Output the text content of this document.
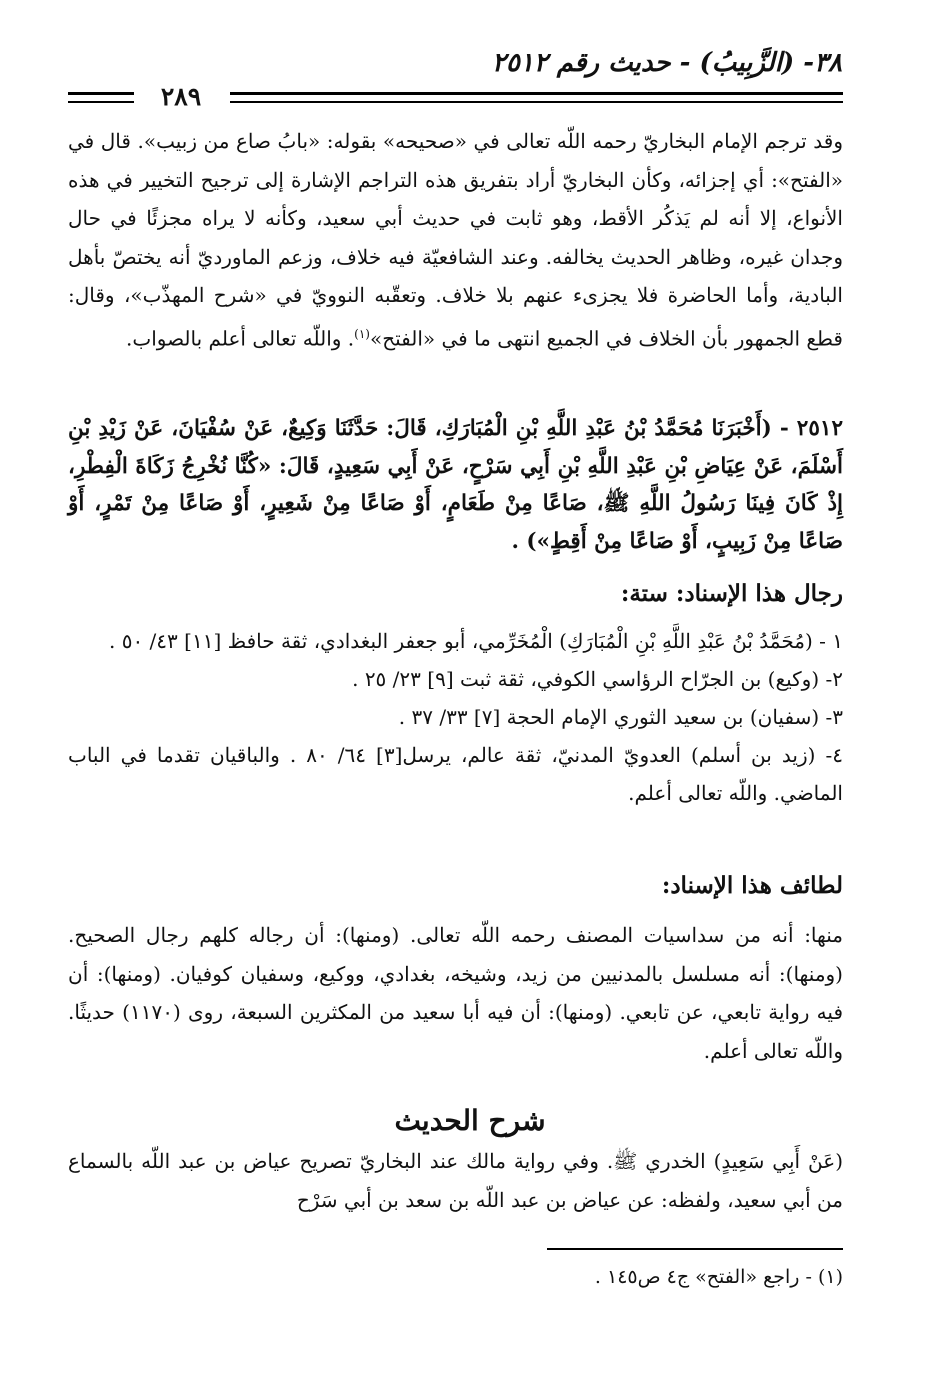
٣٨- (الزَّبِيبُ) - حديث رقم ٢٥١٢
٢٨٩

وقد ترجم الإمام البخاريّ رحمه اللّه تعالى في «صحيحه» بقوله: «بابُ صاع من زبيب». قال في «الفتح»: أي إجزائه، وكأن البخاريّ أراد بتفريق هذه التراجم الإشارة إلى ترجيح التخيير في هذه الأنواع، إلا أنه لم يَذكُر الأقط، وهو ثابت في حديث أبي سعيد، وكأنه لا يراه مجزئًا في حال وجدان غيره، وظاهر الحديث يخالفه. وعند الشافعيّة فيه خلاف، وزعم الماورديّ أنه يختصّ بأهل البادية، وأما الحاضرة فلا يجزىء عنهم بلا خلاف. وتعقّبه النوويّ في «شرح المهذّب»، وقال: قطع الجمهور بأن الخلاف في الجميع انتهى ما في «الفتح»$^{(١)}$. واللّه تعالى أعلم بالصواب.

٢٥١٢ - (أَخْبَرَنَا مُحَمَّدُ بْنُ عَبْدِ اللَّهِ بْنِ الْمُبَارَكِ، قَالَ: حَدَّثَنَا وَكِيعٌ، عَنْ سُفْيَانَ، عَنْ زَيْدِ بْنِ أَسْلَمَ، عَنْ عِيَاضِ بْنِ عَبْدِ اللَّهِ بْنِ أَبِي سَرْحٍ، عَنْ أَبِي سَعِيدٍ، قَالَ: «كُنَّا نُخْرِجُ زَكَاةَ الْفِطْرِ، إِذْ كَانَ فِينَا رَسُولُ اللَّهِ ﷺ، صَاعًا مِنْ طَعَامٍ، أَوْ صَاعًا مِنْ شَعِيرٍ، أَوْ صَاعًا مِنْ تَمْرٍ، أَوْ صَاعًا مِنْ زَبِيبٍ، أَوْ صَاعًا مِنْ أَقِطٍ») .

رجال هذا الإسناد: ستة:
١ - (مُحَمَّدُ بْنُ عَبْدِ اللَّهِ بْنِ الْمُبَارَكِ) الْمُخَرِّمي، أبو جعفر البغدادي، ثقة حافظ [١١] ٤٣/ ٥٠ .
٢- (وكيع) بن الجرّاح الرؤاسي الكوفي، ثقة ثبت [٩] ٢٣/ ٢٥ .
٣- (سفيان) بن سعيد الثوري الإمام الحجة [٧] ٣٣/ ٣٧ .
٤- (زيد بن أسلم) العدويّ المدنيّ، ثقة عالم، يرسل[٣] ٦٤/ ٨٠ . والباقيان تقدما في الباب الماضي. واللّه تعالى أعلم.
لطائف هذا الإسناد:

منها: أنه من سداسيات المصنف رحمه اللّه تعالى. (ومنها): أن رجاله كلهم رجال الصحيح. (ومنها): أنه مسلسل بالمدنيين من زيد، وشيخه، بغدادي، ووكيع، وسفيان كوفيان. (ومنها): أن فيه رواية تابعي، عن تابعي. (ومنها): أن فيه أبا سعيد من المكثرين السبعة، روى (١١٧٠) حديثًا. واللّه تعالى أعلم.

شرح الحديث

(عَنْ أَبِي سَعِيدٍ) الخدري ﷺ. وفي رواية مالك عند البخاريّ تصريح عياض بن عبد اللّه بالسماع من أبي سعيد، ولفظه: عن عياض بن عبد اللّه بن سعد بن أبي سَرْح

(١) - راجع «الفتح» ج٤ ص١٤٥ .
